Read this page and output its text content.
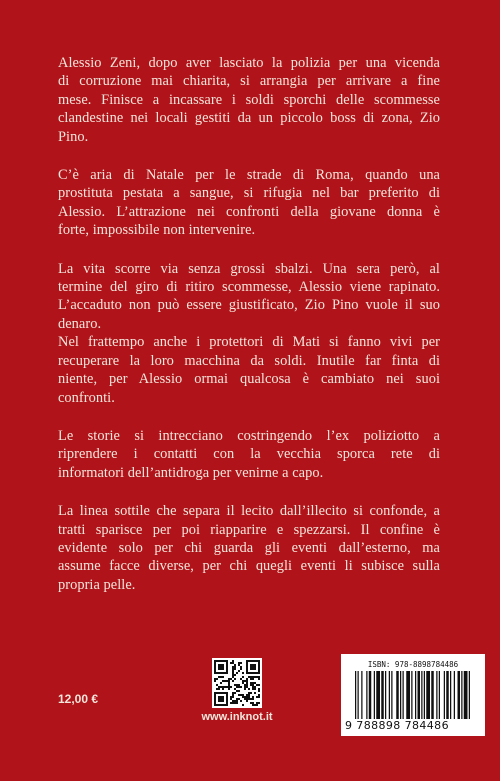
Alessio Zeni, dopo aver lasciato la polizia per una vicenda
di corruzione mai chiarita, si arrangia per arrivare a fine
mese. Finisce a incassare i soldi sporchi delle scommesse
clandestine nei locali gestiti da un piccolo boss di zona, Zio
Pino.

C’è aria di Natale per le strade di Roma, quando una
prostituta pestata a sangue, si rifugia nel bar preferito di
Alessio. L’attrazione nei confronti della giovane donna è
forte, impossibile non intervenire.

La vita scorre via senza grossi sbalzi. Una sera però, al
termine del giro di ritiro scommesse, Alessio viene rapinato.
L’accaduto non può essere giustificato, Zio Pino vuole il suo
denaro.
Nel frattempo anche i protettori di Mati si fanno vivi per
recuperare la loro macchina da soldi. Inutile far finta di
niente, per Alessio ormai qualcosa è cambiato nei suoi
confronti.

Le storie si intrecciano costringendo l’ex poliziotto a
riprendere i contatti con la vecchia sporca rete di
informatori dell’antidroga per venirne a capo.

La linea sottile che separa il lecito dall’illecito si confonde, a
tratti sparisce per poi riapparire e spezzarsi. Il confine è
evidente solo per chi guarda gli eventi dall’esterno, ma
assume facce diverse, per chi quegli eventi li subisce sulla
propria pelle.

12,00 €
www.inknot.it
ISBN: 978-8898784486
9 788898 784486
